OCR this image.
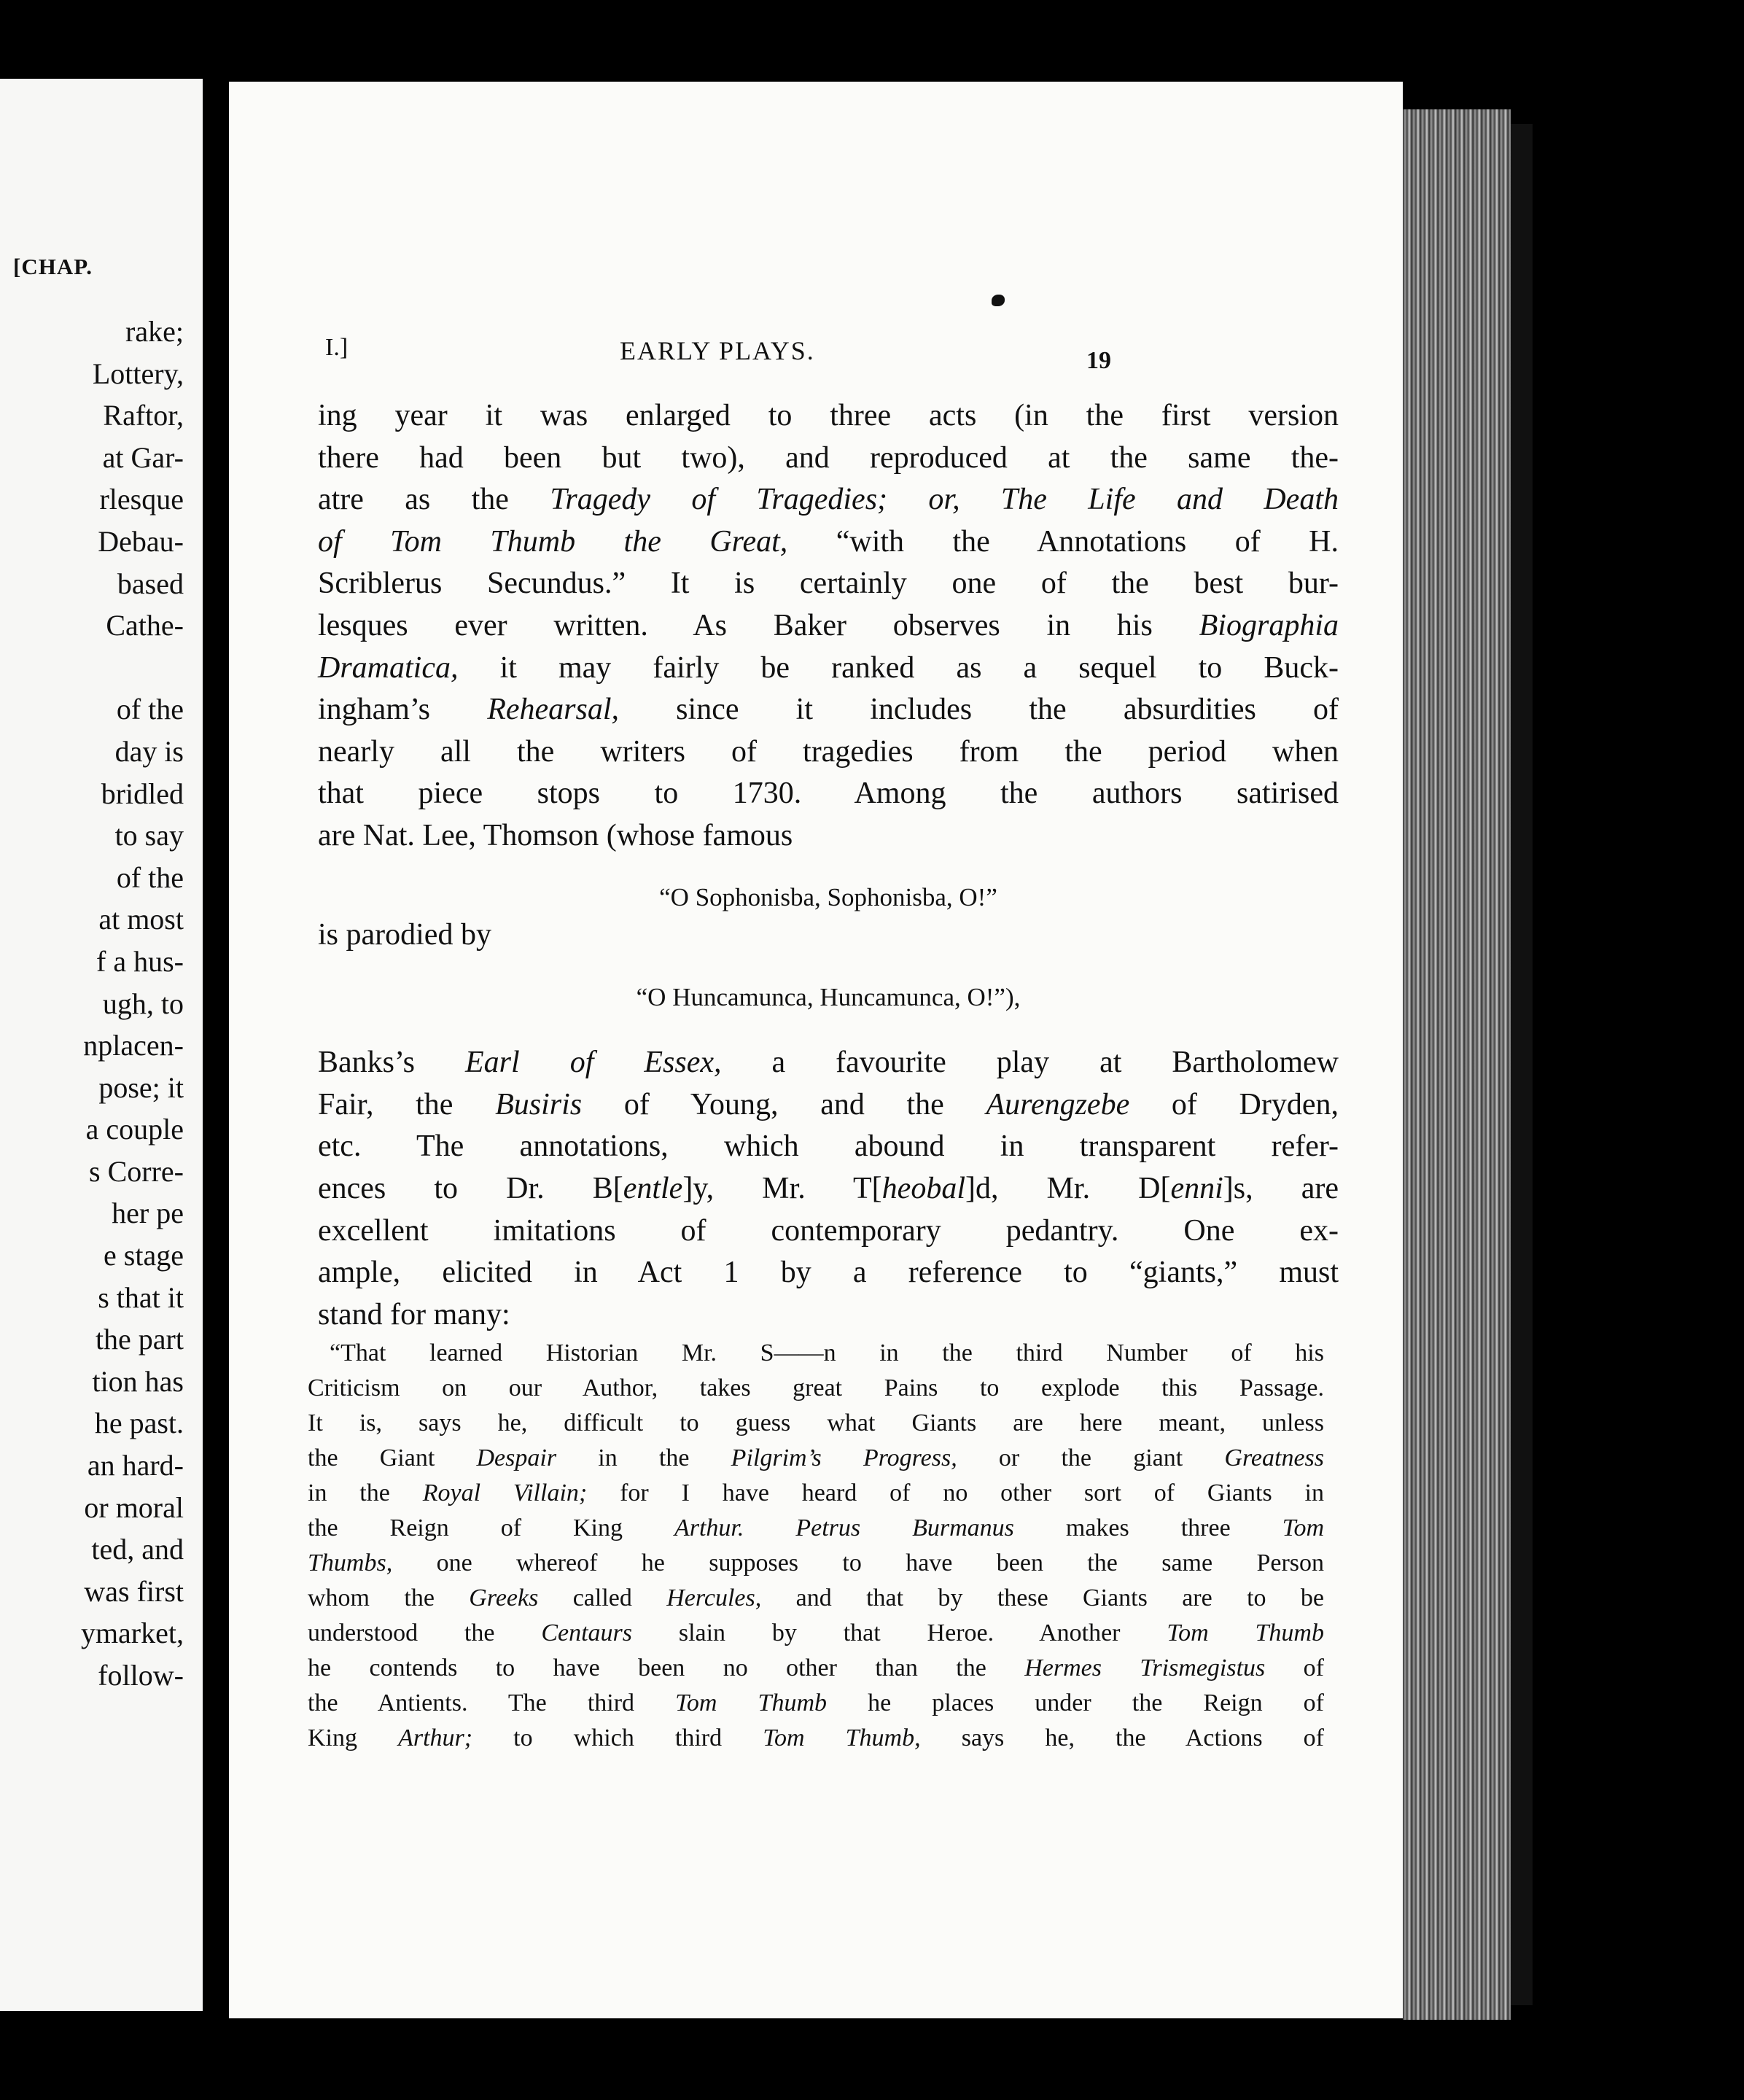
[CHAP.
rake;
Lottery,
Raftor,
at Gar-
rlesque
Debau-
based
Cathe-

of the
day is
bridled
to say
of the
at most
f a hus-
ugh, to
nplacen-
pose; it
a couple
s Corre-
her pe
e stage
s that it
the part
tion has
he past.
an hard-
or moral
ted, and
was first
ymarket,
follow-
I.]	EARLY PLAYS.	19
ing year it was enlarged to three acts (in the first version
there had been but two), and reproduced at the same the-
atre as the Tragedy of Tragedies; or, The Life and Death
of Tom Thumb the Great, “with the Annotations of H.
Scriblerus Secundus.” It is certainly one of the best bur-
lesques ever written. As Baker observes in his Biographia
Dramatica, it may fairly be ranked as a sequel to Buck-
ingham’s Rehearsal, since it includes the absurdities of
nearly all the writers of tragedies from the period when
that piece stops to 1730. Among the authors satirised
are Nat. Lee, Thomson (whose famous
“O Sophonisba, Sophonisba, O!”
is parodied by
“O Huncamunca, Huncamunca, O!”),
Banks’s Earl of Essex, a favourite play at Bartholomew
Fair, the Busiris of Young, and the Aurengzebe of Dryden,
etc. The annotations, which abound in transparent refer-
ences to Dr. B[entle]y, Mr. T[heobal]d, Mr. D[enni]s, are
excellent imitations of contemporary pedantry. One ex-
ample, elicited in Act 1 by a reference to “giants,” must
stand for many:
“That learned Historian Mr. S——n in the third Number of his
Criticism on our Author, takes great Pains to explode this Passage.
It is, says he, difficult to guess what Giants are here meant, unless
the Giant Despair in the Pilgrim’s Progress, or the giant Greatness
in the Royal Villain; for I have heard of no other sort of Giants in
the Reign of King Arthur. Petrus Burmanus makes three Tom
Thumbs, one whereof he supposes to have been the same Person
whom the Greeks called Hercules, and that by these Giants are to be
understood the Centaurs slain by that Heroe. Another Tom Thumb
he contends to have been no other than the Hermes Trismegistus of
the Antients. The third Tom Thumb he places under the Reign of
King Arthur; to which third Tom Thumb, says he, the Actions of
